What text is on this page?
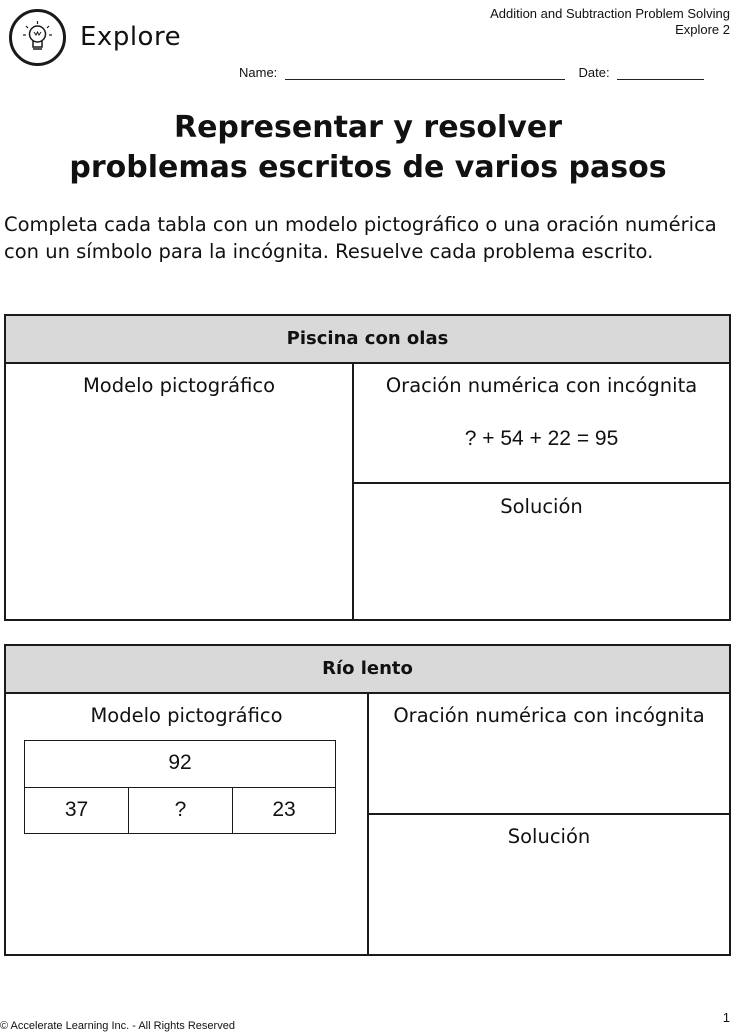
Explore
Addition and Subtraction Problem Solving
Explore 2
Name:	Date:
Representar y resolver
problemas escritos de varios pasos
Completa cada tabla con un modelo pictográfico o una oración numérica con un símbolo para la incógnita. Resuelve cada problema escrito.
Piscina con olas
Modelo pictográfico	Oración numérica con incógnita
? + 54 + 22 = 95
Solución
Río lento
Modelo pictográfico	Oración numérica con incógnita
Solución
92
37	?	23
1
© Accelerate Learning Inc. - All Rights Reserved
